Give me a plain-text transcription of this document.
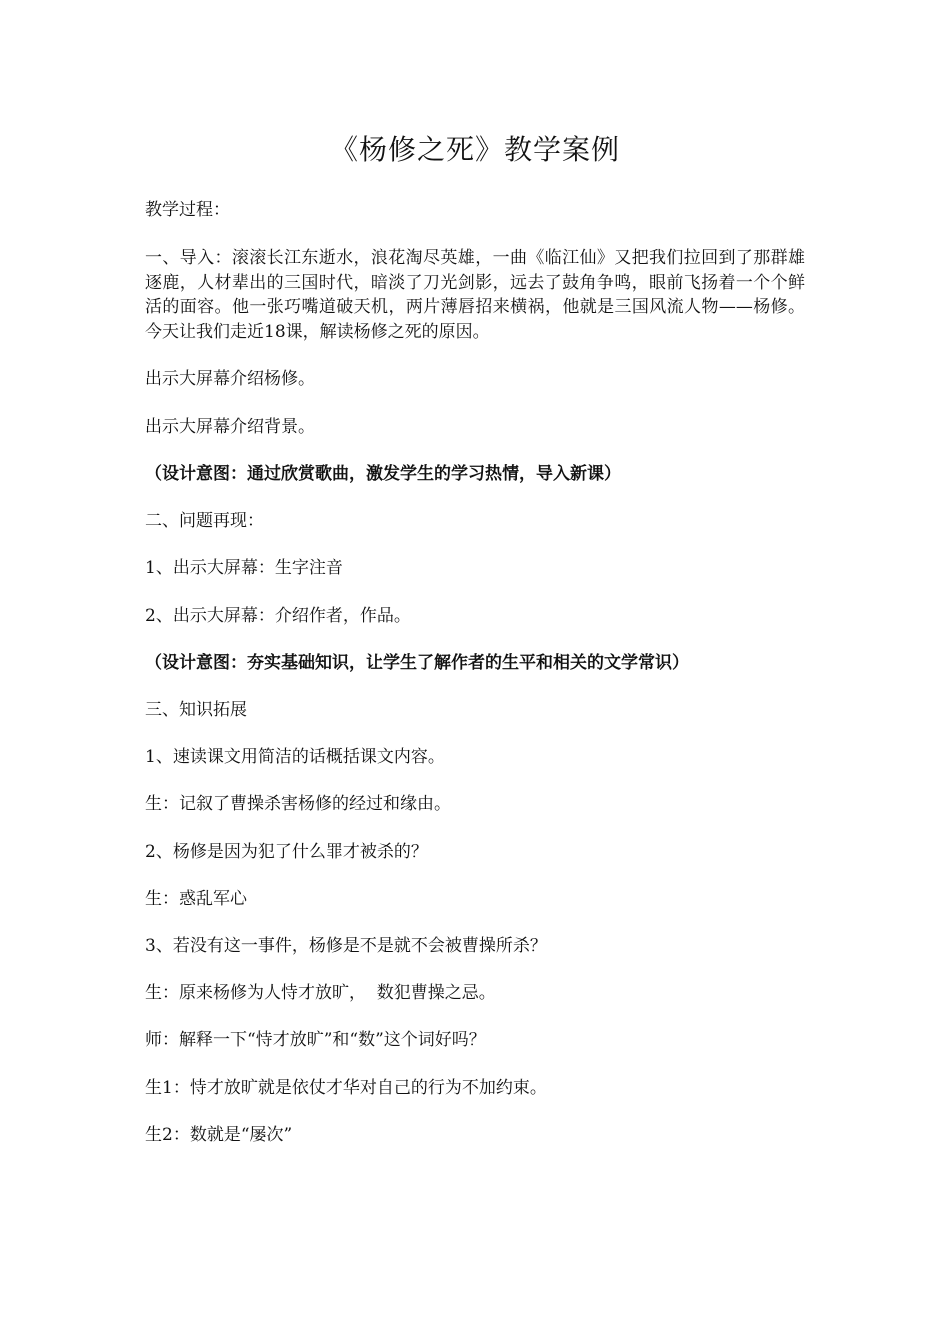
《杨修之死》教学案例

教学过程：

一、导入：滚滚长江东逝水，浪花淘尽英雄，一曲《临江仙》又把我们拉回到了那群雄逐鹿，人材辈出的三国时代，暗淡了刀光剑影，远去了鼓角争鸣，眼前飞扬着一个个鲜活的面容。他一张巧嘴道破天机，两片薄唇招来横祸，他就是三国风流人物——杨修。今天让我们走近18课，解读杨修之死的原因。

出示大屏幕介绍杨修。

出示大屏幕介绍背景。

（设计意图：通过欣赏歌曲，激发学生的学习热情，导入新课）

二、问题再现：

1、出示大屏幕：生字注音

2、出示大屏幕：介绍作者，作品。

（设计意图：夯实基础知识，让学生了解作者的生平和相关的文学常识）

三、知识拓展

1、速读课文用简洁的话概括课文内容。

生：记叙了曹操杀害杨修的经过和缘由。

2、杨修是因为犯了什么罪才被杀的？

生：惑乱军心

3、若没有这一事件，杨修是不是就不会被曹操所杀？

生：原来杨修为人恃才放旷，  数犯曹操之忌。

师：解释一下“恃才放旷”和“数”这个词好吗？

生1：恃才放旷就是依仗才华对自己的行为不加约束。

生2：数就是“屡次”
